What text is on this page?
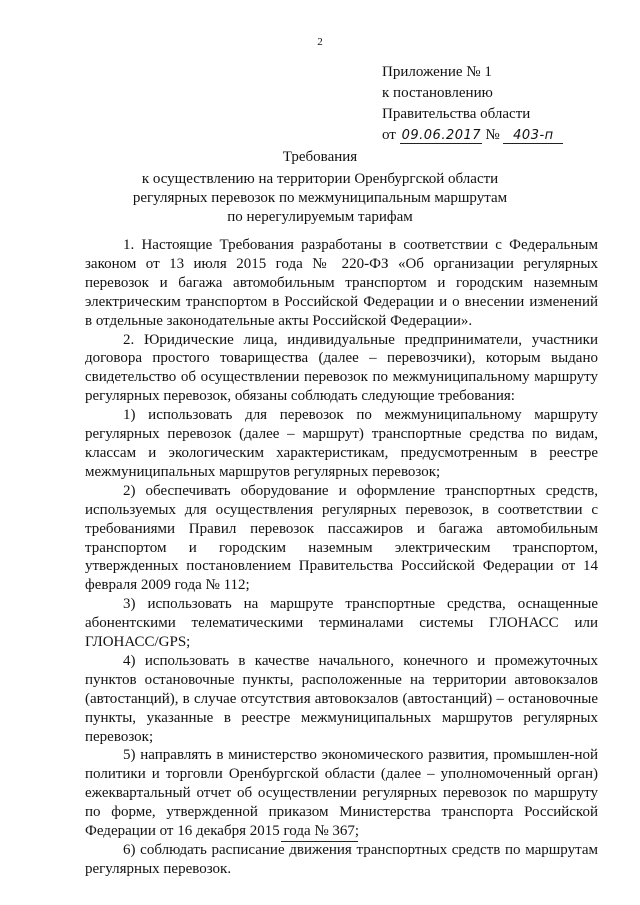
2
Приложение № 1
к постановлению
Правительства области
от 09.06.2017 № 403-п
Требования
к осуществлению на территории Оренбургской области
регулярных перевозок по межмуниципальным маршрутам
по нерегулируемым тарифам

1. Настоящие Требования разработаны в соответствии с Федеральным законом от 13 июля 2015 года № 220-ФЗ «Об организации регулярных перевозок и багажа автомобильным транспортом и городским наземным электрическим транспортом в Российской Федерации и о внесении изменений в отдельные законодательные акты Российской Федерации».

2. Юридические лица, индивидуальные предприниматели, участники договора простого товарищества (далее – перевозчики), которым выдано свидетельство об осуществлении перевозок по межмуниципальному маршруту регулярных перевозок, обязаны соблюдать следующие требования:

1) использовать для перевозок по межмуниципальному маршруту регулярных перевозок (далее – маршрут) транспортные средства по видам, классам и экологическим характеристикам, предусмотренным в реестре межмуниципальных маршрутов регулярных перевозок;

2) обеспечивать оборудование и оформление транспортных средств, используемых для осуществления регулярных перевозок, в соответствии с требованиями Правил перевозок пассажиров и багажа автомобильным транспортом и городским наземным электрическим транспортом, утвержденных постановлением Правительства Российской Федерации от 14 февраля 2009 года № 112;

3) использовать на маршруте транспортные средства, оснащенные абонентскими телематическими терминалами системы ГЛОНАСС или ГЛОНАСС/GPS;

4) использовать в качестве начального, конечного и промежуточных пунктов остановочные пункты, расположенные на территории автовокзалов (автостанций), в случае отсутствия автовокзалов (автостанций) – остановочные пункты, указанные в реестре межмуниципальных маршрутов регулярных перевозок;

5) направлять в министерство экономического развития, промышлен-ной политики и торговли Оренбургской области (далее – уполномоченный орган) ежеквартальный отчет об осуществлении регулярных перевозок по маршруту по форме, утвержденной приказом Министерства транспорта Российской Федерации от 16 декабря 2015 года № 367;

6) соблюдать расписание движения транспортных средств по маршрутам регулярных перевозок.
